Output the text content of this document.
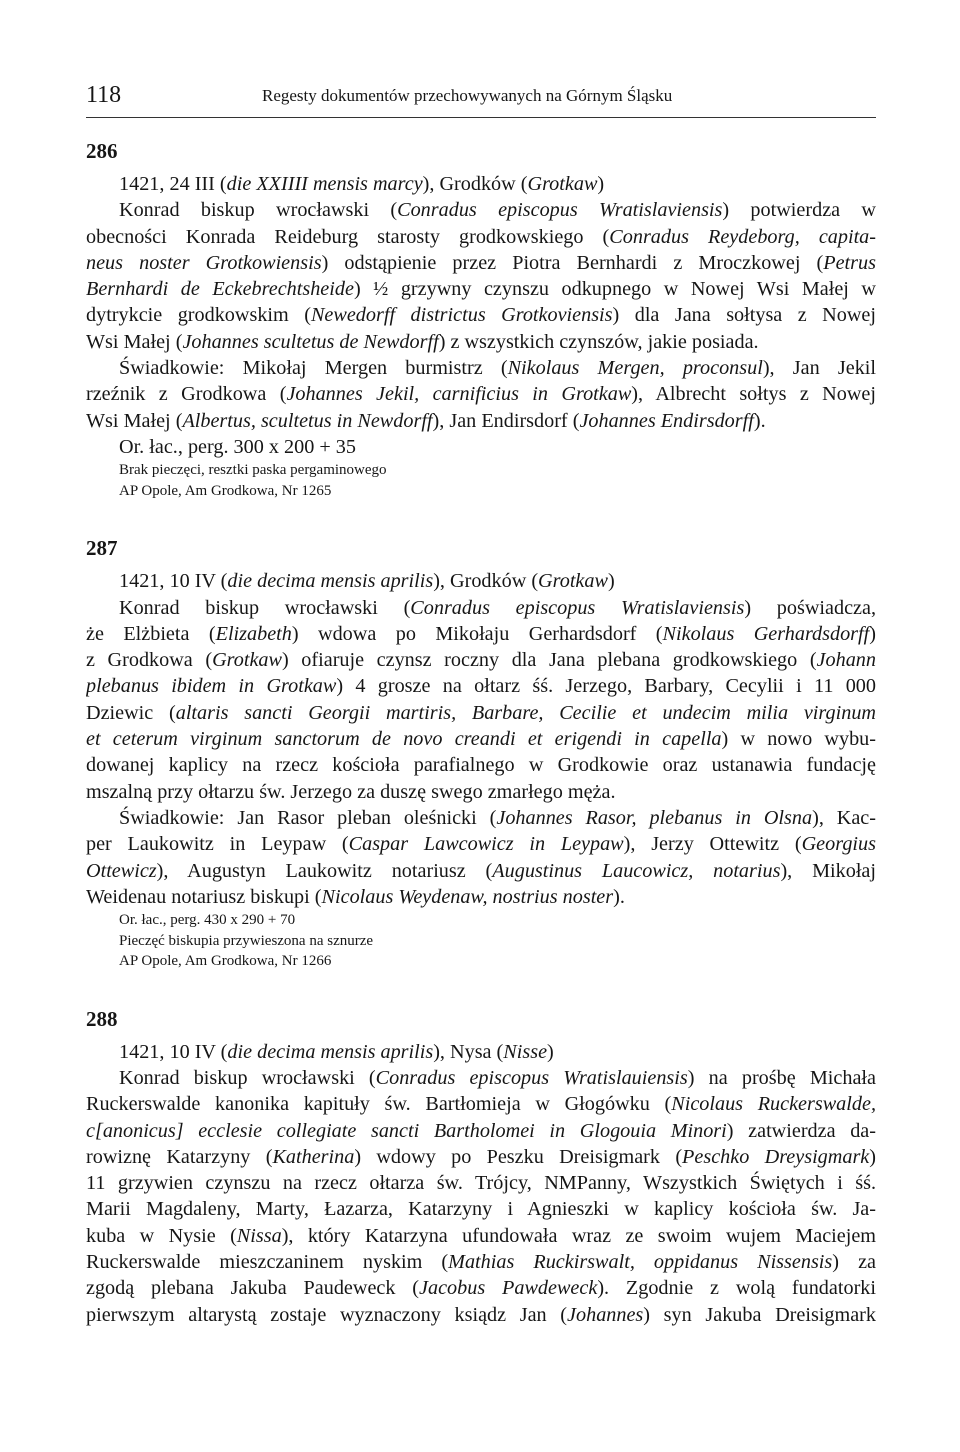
118	Regesty dokumentów przechowywanych na Górnym Śląsku
286
1421, 24 III (die XXIIII mensis marcy), Grodków (Grotkaw)
Konrad biskup wrocławski (Conradus episcopus Wratislaviensis) potwierdza w
obecności Konrada Reideburg starosty grodkowskiego (Conradus Reydeborg, capita-
neus noster Grotkowiensis) odstąpienie przez Piotra Bernhardi z Mroczkowej (Petrus
Bernhardi de Eckebrechtsheide) ½ grzywny czynszu odkupnego w Nowej Wsi Małej w
dytrykcie grodkowskim (Newedorff districtus Grotkoviensis) dla Jana sołtysa z Nowej
Wsi Małej (Johannes scultetus de Newdorff) z wszystkich czynszów, jakie posiada.
Świadkowie: Mikołaj Mergen burmistrz (Nikolaus Mergen, proconsul), Jan Jekil
rzeźnik z Grodkowa (Johannes Jekil, carnificius in Grotkaw), Albrecht sołtys z Nowej
Wsi Małej (Albertus, scultetus in Newdorff), Jan Endirsdorf (Johannes Endirsdorff).
Or. łac., perg. 300 x 200 + 35
Brak pieczęci, resztki paska pergaminowego
AP Opole, Am Grodkowa, Nr 1265
287
1421, 10 IV (die decima mensis aprilis), Grodków (Grotkaw)
Konrad biskup wrocławski (Conradus episcopus Wratislaviensis) poświadcza,
że Elżbieta (Elizabeth) wdowa po Mikołaju Gerhardsdorf (Nikolaus Gerhardsdorff)
z Grodkowa (Grotkaw) ofiaruje czynsz roczny dla Jana plebana grodkowskiego (Johann
plebanus ibidem in Grotkaw) 4 grosze na ołtarz śś. Jerzego, Barbary, Cecylii i 11 000
Dziewic (altaris sancti Georgii martiris, Barbare, Cecilie et undecim milia virginum
et ceterum virginum sanctorum de novo creandi et erigendi in capella) w nowo wybu-
dowanej kaplicy na rzecz kościoła parafialnego w Grodkowie oraz ustanawia fundację
mszalną przy ołtarzu św. Jerzego za duszę swego zmarłego męża.
Świadkowie: Jan Rasor pleban oleśnicki (Johannes Rasor, plebanus in Olsna), Kac-
per Laukowitz in Leypaw (Caspar Lawcowicz in Leypaw), Jerzy Ottewitz (Georgius
Ottewicz), Augustyn Laukowitz notariusz (Augustinus Laucowicz, notarius), Mikołaj
Weidenau notariusz biskupi (Nicolaus Weydenaw, nostrius noster).
Or. łac., perg. 430 x 290 + 70
Pieczęć biskupia przywieszona na sznurze
AP Opole, Am Grodkowa, Nr 1266
288
1421, 10 IV (die decima mensis aprilis), Nysa (Nisse)
Konrad biskup wrocławski (Conradus episcopus Wratislauiensis) na prośbę Michała
Ruckerswalde kanonika kapituły św. Bartłomieja w Głogówku (Nicolaus Ruckerswalde,
c[anonicus] ecclesie collegiate sancti Bartholomei in Glogouia Minori) zatwierdza da-
rowiznę Katarzyny (Katherina) wdowy po Peszku Dreisigmark (Peschko Dreysigmark)
11 grzywien czynszu na rzecz ołtarza św. Trójcy, NMPanny, Wszystkich Świętych i śś.
Marii Magdaleny, Marty, Łazarza, Katarzyny i Agnieszki w kaplicy kościoła św. Ja-
kuba w Nysie (Nissa), który Katarzyna ufundowała wraz ze swoim wujem Maciejem
Ruckerswalde mieszczaninem nyskim (Mathias Ruckirswalt, oppidanus Nissensis) za
zgodą plebana Jakuba Paudeweck (Jacobus Pawdeweck). Zgodnie z wolą fundatorki
pierwszym altarystą zostaje wyznaczony ksiądz Jan (Johannes) syn Jakuba Dreisigmark
